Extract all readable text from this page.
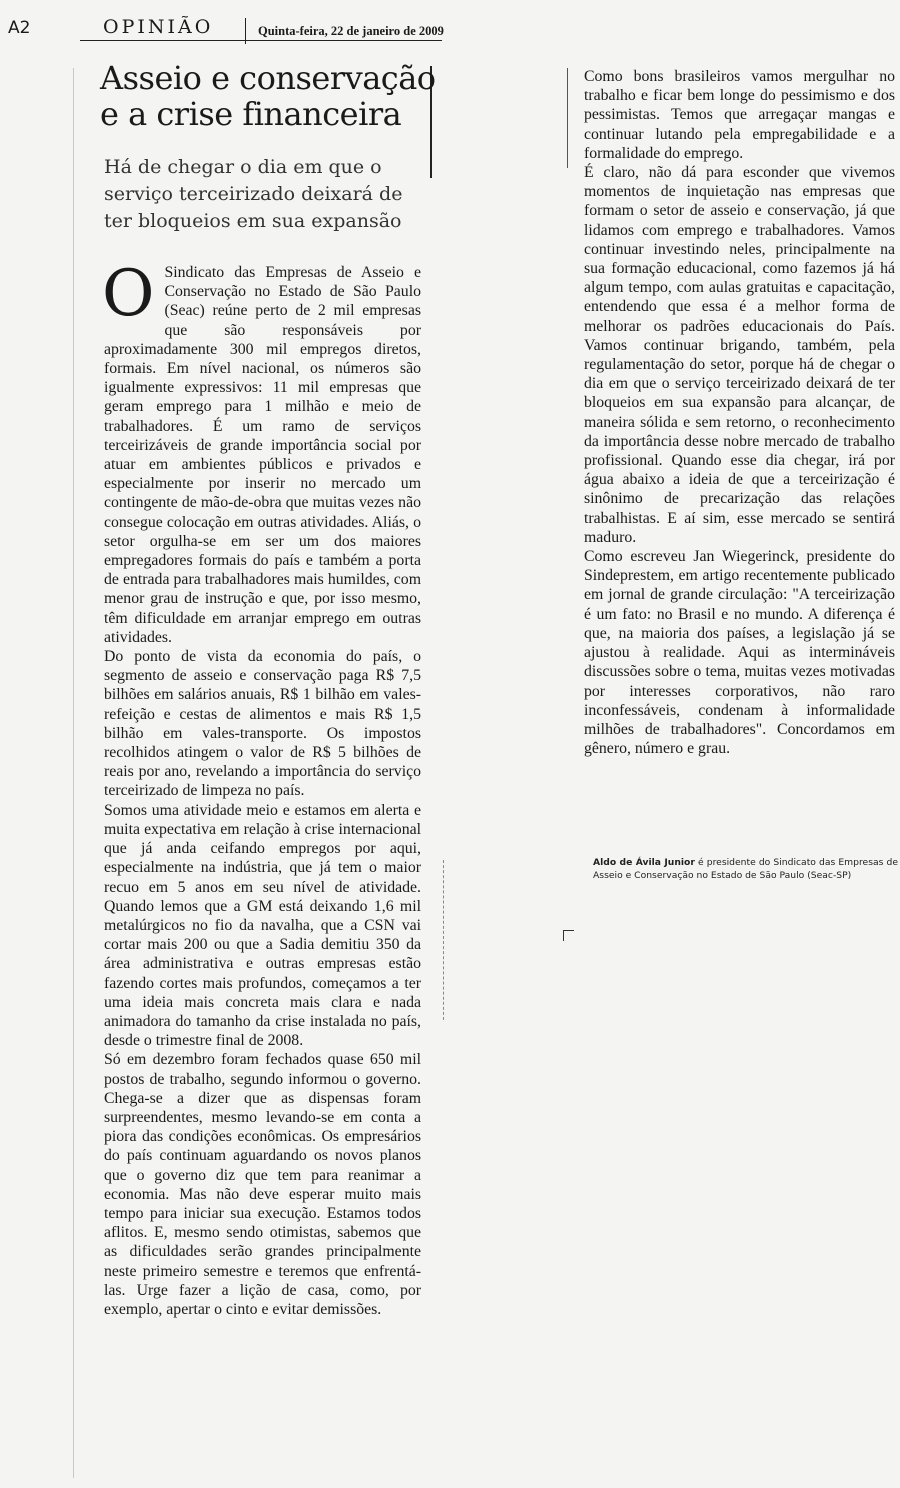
A2	OPINIÃO	Quinta-feira, 22 de janeiro de 2009
Asseio e conservação e a crise financeira

Há de chegar o dia em que o serviço terceirizado deixará de ter bloqueios em sua expansão

O Sindicato das Empresas de Asseio e Conservação no Estado de São Paulo (Seac) reúne perto de 2 mil empresas que são responsáveis por aproximadamente 300 mil empregos diretos, formais. Em nível nacional, os números são igualmente expressivos: 11 mil empresas que geram emprego para 1 milhão e meio de trabalhadores. É um ramo de serviços terceirizáveis de grande importância social por atuar em ambientes públicos e privados e especialmente por inserir no mercado um contingente de mão-de-obra que muitas vezes não consegue colocação em outras atividades. Aliás, o setor orgulha-se em ser um dos maiores empregadores formais do país e também a porta de entrada para trabalhadores mais humildes, com menor grau de instrução e que, por isso mesmo, têm dificuldade em arranjar emprego em outras atividades.

Do ponto de vista da economia do país, o segmento de asseio e conservação paga R$ 7,5 bilhões em salários anuais, R$ 1 bilhão em vales-refeição e cestas de alimentos e mais R$ 1,5 bilhão em vales-transporte. Os impostos recolhidos atingem o valor de R$ 5 bilhões de reais por ano, revelando a importância do serviço terceirizado de limpeza no país.

Somos uma atividade meio e estamos em alerta e muita expectativa em relação à crise internacional que já anda ceifando empregos por aqui, especialmente na indústria, que já tem o maior recuo em 5 anos em seu nível de atividade. Quando lemos que a GM está deixando 1,6 mil metalúrgicos no fio da navalha, que a CSN vai cortar mais 200 ou que a Sadia demitiu 350 da área administrativa e outras empresas estão fazendo cortes mais profundos, começamos a ter uma ideia mais concreta mais clara e nada animadora do tamanho da crise instalada no país, desde o trimestre final de 2008.

Só em dezembro foram fechados quase 650 mil postos de trabalho, segundo informou o governo. Chega-se a dizer que as dispensas foram surpreendentes, mesmo levando-se em conta a piora das condições econômicas. Os empresários do país continuam aguardando os novos planos que o governo diz que tem para reanimar a economia. Mas não deve esperar muito mais tempo para iniciar sua execução. Estamos todos aflitos. E, mesmo sendo otimistas, sabemos que as dificuldades serão grandes principalmente neste primeiro semestre e teremos que enfrentá-las. Urge fazer a lição de casa, como, por exemplo, apertar o cinto e evitar demissões.

Como bons brasileiros vamos mergulhar no trabalho e ficar bem longe do pessimismo e dos pessimistas. Temos que arregaçar mangas e continuar lutando pela empregabilidade e a formalidade do emprego.

É claro, não dá para esconder que vivemos momentos de inquietação nas empresas que formam o setor de asseio e conservação, já que lidamos com emprego e trabalhadores. Vamos continuar investindo neles, principalmente na sua formação educacional, como fazemos já há algum tempo, com aulas gratuitas e capacitação, entendendo que essa é a melhor forma de melhorar os padrões educacionais do País. Vamos continuar brigando, também, pela regulamentação do setor, porque há de chegar o dia em que o serviço terceirizado deixará de ter bloqueios em sua expansão para alcançar, de maneira sólida e sem retorno, o reconhecimento da importância desse nobre mercado de trabalho profissional. Quando esse dia chegar, irá por água abaixo a ideia de que a terceirização é sinônimo de precarização das relações trabalhistas. E aí sim, esse mercado se sentirá maduro.

Como escreveu Jan Wiegerinck, presidente do Sindeprestem, em artigo recentemente publicado em jornal de grande circulação: "A terceirização é um fato: no Brasil e no mundo. A diferença é que, na maioria dos países, a legislação já se ajustou à realidade. Aqui as intermináveis discussões sobre o tema, muitas vezes motivadas por interesses corporativos, não raro inconfessáveis, condenam à informalidade milhões de trabalhadores". Concordamos em gênero, número e grau.

Aldo de Ávila Junior é presidente do Sindicato das Empresas de Asseio e Conservação no Estado de São Paulo (Seac-SP)
